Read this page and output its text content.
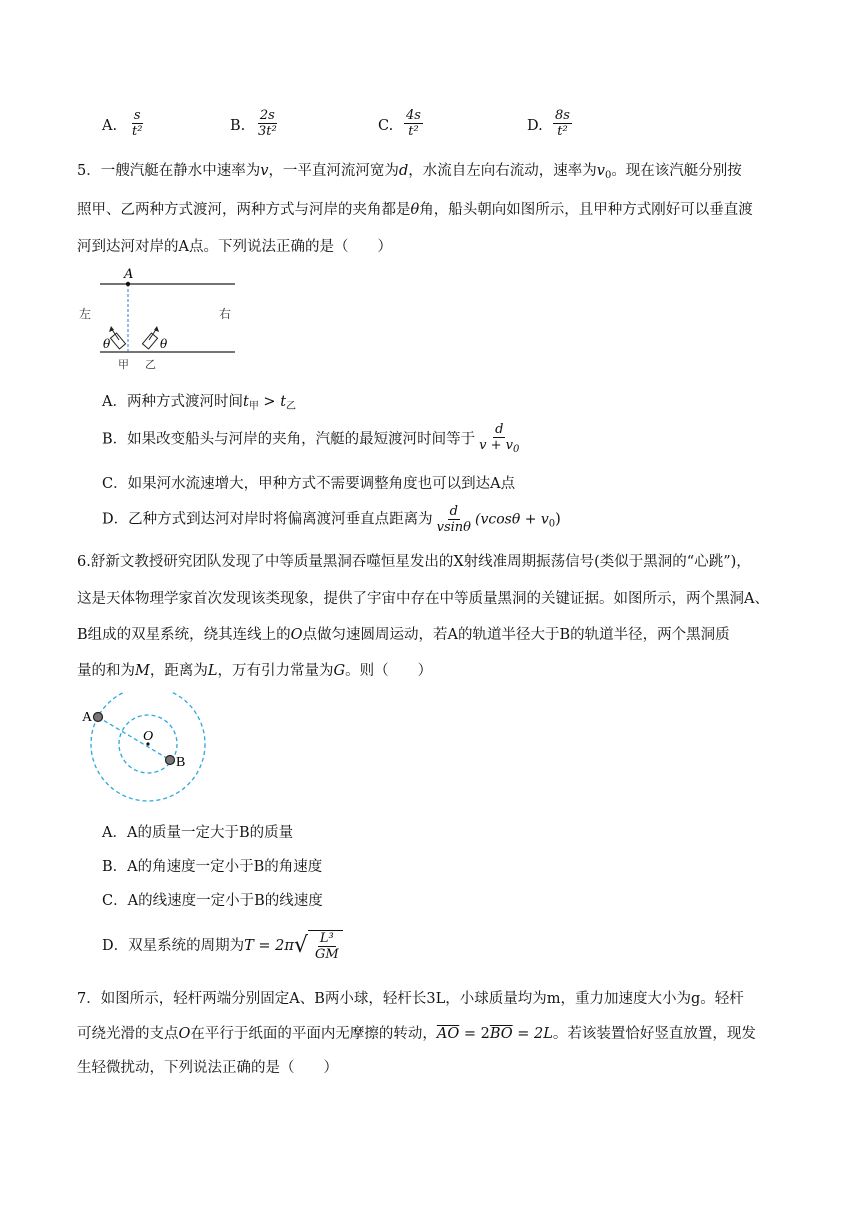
A. $\frac{s}{\text{t²}}$	B. $\frac{2s}{\text{3t²}}$	C. $\frac{4s}{\text{t²}}$	D. $\frac{8s}{\text{t²}}$
5．一艘汽艇在静水中速率为v，一平直河流河宽为d，水流自左向右流动，速率为$v_0$。现在该汽艇分别按
照甲、乙两种方式渡河，两种方式与河岸的夹角都是θ角，船头朝向如图所示，且甲种方式刚好可以垂直渡
河到达河对岸的A点。下列说法正确的是（　　）
A
左	右
θ	θ
甲 乙
A．两种方式渡河时间$t_甲 > t_乙$
B．如果改变船头与河岸的夹角，汽艇的最短渡河时间等于 $\frac{d}{v + v_0}$
C．如果河水流速增大，甲种方式不需要调整角度也可以到达A点
D．乙种方式到达河对岸时将偏离渡河垂直点距离为 $\frac{d}{vsin\theta} (vcos\theta + v_0)$
6.舒新文教授研究团队发现了中等质量黑洞吞噬恒星发出的X射线准周期振荡信号(类似于黑洞的“心跳”)，
这是天体物理学家首次发现该类现象，提供了宇宙中存在中等质量黑洞的关键证据。如图所示，两个黑洞A、
B组成的双星系统，绕其连线上的O点做匀速圆周运动，若A的轨道半径大于B的轨道半径，两个黑洞质
量的和为M，距离为L，万有引力常量为G。则（　　）
A
O
B
A．A的质量一定大于B的质量
B．A的角速度一定小于B的角速度
C．A的线速度一定小于B的线速度
D．双星系统的周期为T = 2π √ $\frac{\text{L³}}{GM}$
7．如图所示，轻杆两端分别固定A、B两小球，轻杆长3L，小球质量均为m，重力加速度大小为g。轻杆
可绕光滑的支点O在平行于纸面的平面内无摩擦的转动，$\overline{AO} = 2\overline{BO} = 2L$。若该装置恰好竖直放置，现发
生轻微扰动，下列说法正确的是（　　）
